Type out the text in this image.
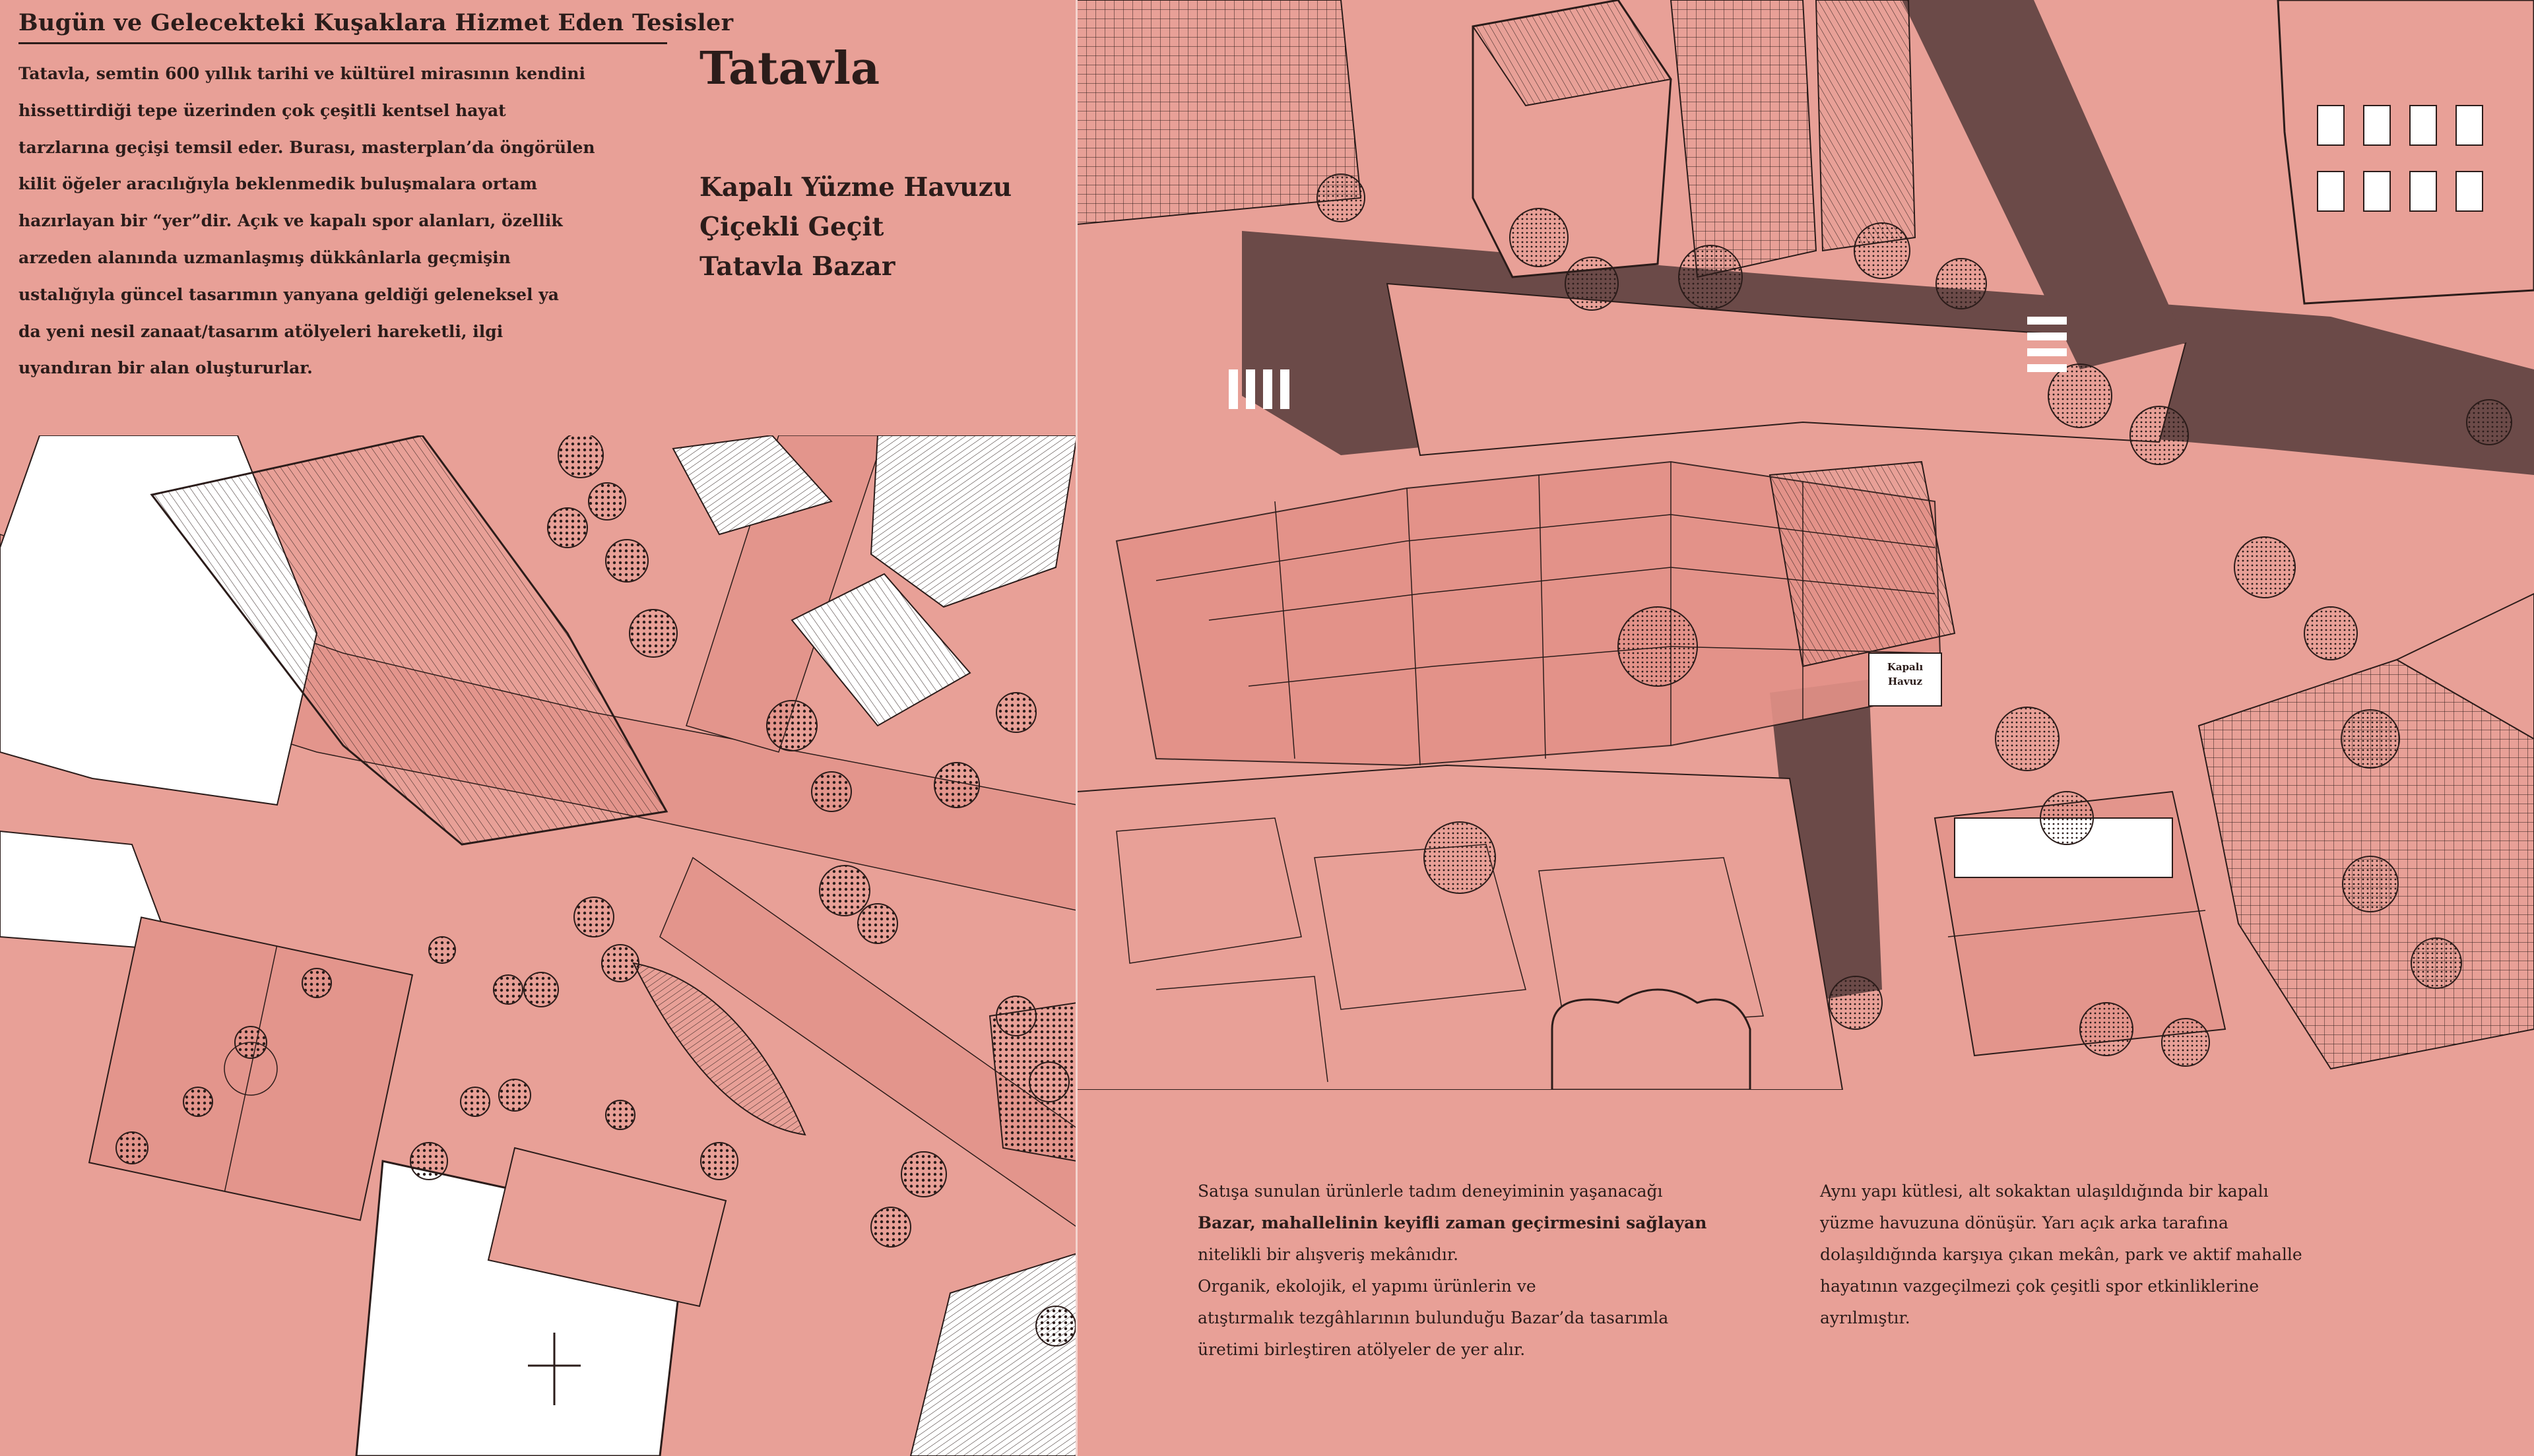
Bugün ve Gelecekteki Kuşaklara Hizmet Eden Tesisler
Tatavla, semtin 600 yıllık tarihi ve kültürel mirasının kendini
hissettirdiği tepe üzerinden çok çeşitli kentsel hayat
tarzlarına geçişi temsil eder. Burası, masterplan’da öngörülen
kilit öğeler aracılığıyla beklenmedik buluşmalara ortam
hazırlayan bir “yer”dir. Açık ve kapalı spor alanları, özellik
arzeden alanında uzmanlaşmış dükkânlarla geçmişin
ustalığıyla güncel tasarımın yanyana geldiği geleneksel ya
da yeni nesil zanaat/tasarım atölyeleri hareketli, ilgi
uyandıran bir alan oluştururlar.
Tatavla
Kapalı Yüzme Havuzu
Çiçekli Geçit
Tatavla Bazar
Kapalı
Havuz
Satışa sunulan ürünlerle tadım deneyiminin yaşanacağı
Bazar, mahallelinin keyifli zaman geçirmesini sağlayan
nitelikli bir alışveriş mekânıdır.
Organik, ekolojik, el yapımı ürünlerin ve
atıştırmalık tezgâhlarının bulunduğu Bazar’da tasarımla
üretimi birleştiren atölyeler de yer alır.
Aynı yapı kütlesi, alt sokaktan ulaşıldığında bir kapalı
yüzme havuzuna dönüşür. Yarı açık arka tarafına
dolaşıldığında karşıya çıkan mekân, park ve aktif mahalle
hayatının vazgeçilmezi çok çeşitli spor etkinliklerine
ayrılmıştır.
